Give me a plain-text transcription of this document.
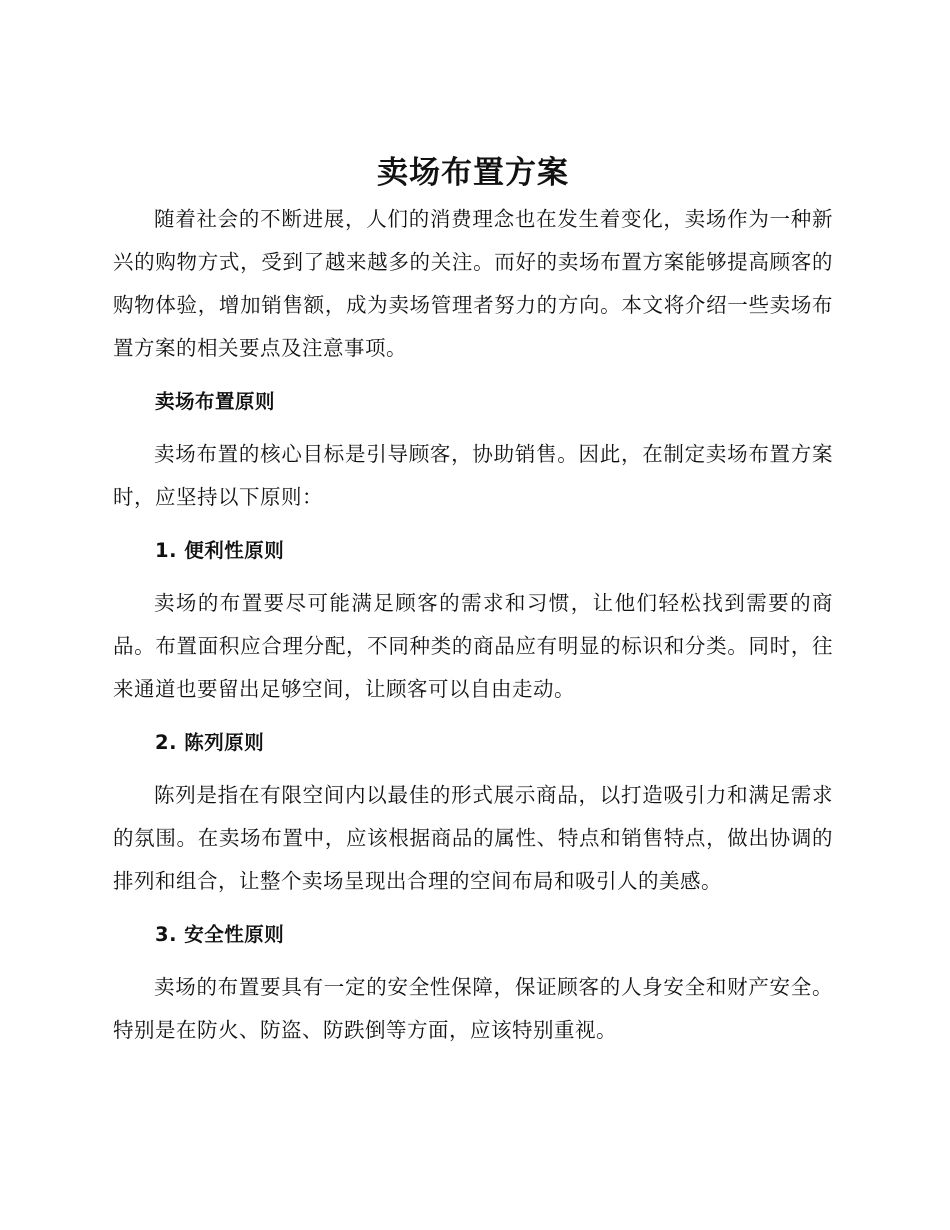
卖场布置方案

随着社会的不断进展，人们的消费理念也在发生着变化，卖场作为一种新兴的购物方式，受到了越来越多的关注。而好的卖场布置方案能够提高顾客的购物体验，增加销售额，成为卖场管理者努力的方向。本文将介绍一些卖场布置方案的相关要点及注意事项。

卖场布置原则

卖场布置的核心目标是引导顾客，协助销售。因此，在制定卖场布置方案时，应坚持以下原则：

1. 便利性原则

卖场的布置要尽可能满足顾客的需求和习惯，让他们轻松找到需要的商品。布置面积应合理分配，不同种类的商品应有明显的标识和分类。同时，往来通道也要留出足够空间，让顾客可以自由走动。

2. 陈列原则

陈列是指在有限空间内以最佳的形式展示商品，以打造吸引力和满足需求的氛围。在卖场布置中，应该根据商品的属性、特点和销售特点，做出协调的排列和组合，让整个卖场呈现出合理的空间布局和吸引人的美感。

3. 安全性原则

卖场的布置要具有一定的安全性保障，保证顾客的人身安全和财产安全。特别是在防火、防盗、防跌倒等方面，应该特别重视。
